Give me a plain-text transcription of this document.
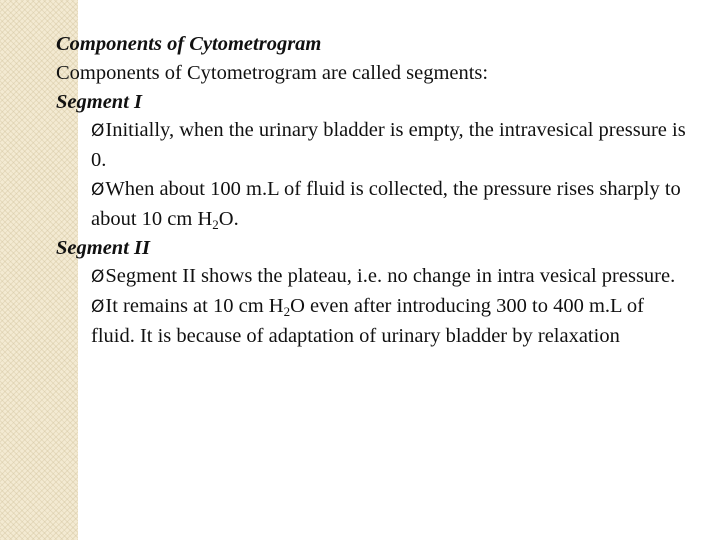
Components of Cytometrogram
Components of Cytometrogram are called segments:
Segment I
ØInitially, when the urinary bladder is empty, the intravesical pressure is 0.
ØWhen about 100 m.L of fluid is collected, the pressure rises sharply to about 10 cm $H_2O$.
Segment II
ØSegment II shows the plateau, i.e. no change in intra vesical pressure.
ØIt remains at 10 cm $H_2O$ even after introducing 300 to 400 m.L of fluid. It is because of adaptation of urinary bladder by relaxation
